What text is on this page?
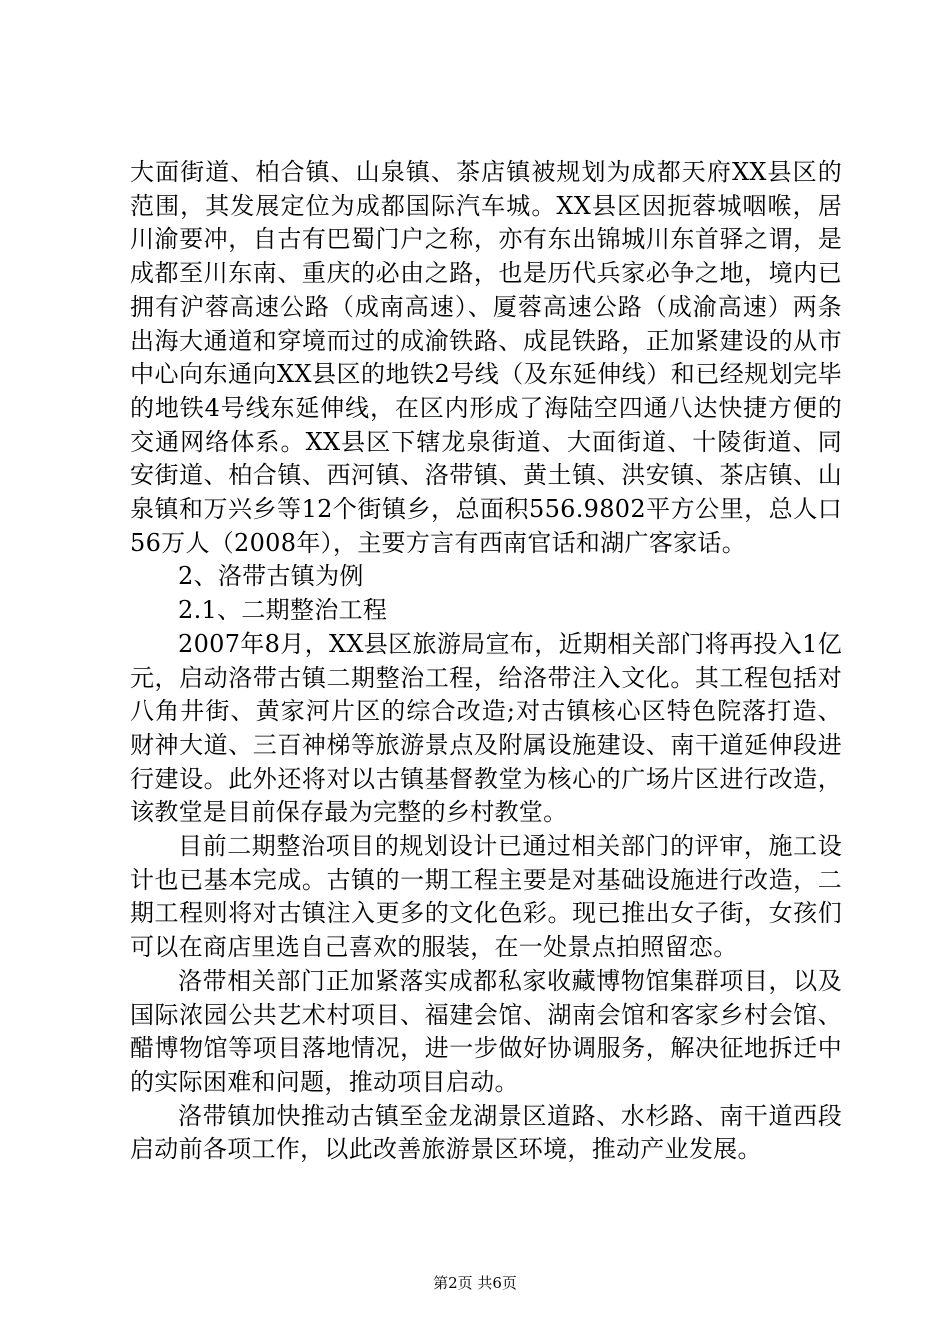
大面街道、柏合镇、山泉镇、茶店镇被规划为成都天府XX县区的范围，其发展定位为成都国际汽车城。XX县区因扼蓉城咽喉，居川渝要冲，自古有巴蜀门户之称，亦有东出锦城川东首驿之谓，是成都至川东南、重庆的必由之路，也是历代兵家必争之地，境内已拥有沪蓉高速公路（成南高速）、厦蓉高速公路（成渝高速）两条出海大通道和穿境而过的成渝铁路、成昆铁路，正加紧建设的从市中心向东通向XX县区的地铁2号线（及东延伸线）和已经规划完毕的地铁4号线东延伸线，在区内形成了海陆空四通八达快捷方便的交通网络体系。XX县区下辖龙泉街道、大面街道、十陵街道、同安街道、柏合镇、西河镇、洛带镇、黄土镇、洪安镇、茶店镇、山泉镇和万兴乡等12个街镇乡，总面积556.9802平方公里，总人口56万人（2008年），主要方言有西南官话和湖广客家话。

2、洛带古镇为例

2.1、二期整治工程

2007年8月，XX县区旅游局宣布，近期相关部门将再投入1亿元，启动洛带古镇二期整治工程，给洛带注入文化。其工程包括对八角井街、黄家河片区的综合改造;对古镇核心区特色院落打造、财神大道、三百神梯等旅游景点及附属设施建设、南干道延伸段进行建设。此外还将对以古镇基督教堂为核心的广场片区进行改造，该教堂是目前保存最为完整的乡村教堂。

目前二期整治项目的规划设计已通过相关部门的评审，施工设计也已基本完成。古镇的一期工程主要是对基础设施进行改造，二期工程则将对古镇注入更多的文化色彩。现已推出女子街，女孩们可以在商店里选自己喜欢的服装，在一处景点拍照留恋。

洛带相关部门正加紧落实成都私家收藏博物馆集群项目，以及国际浓园公共艺术村项目、福建会馆、湖南会馆和客家乡村会馆、醋博物馆等项目落地情况，进一步做好协调服务，解决征地拆迁中的实际困难和问题，推动项目启动。

洛带镇加快推动古镇至金龙湖景区道路、水杉路、南干道西段启动前各项工作，以此改善旅游景区环境，推动产业发展。

第2页 共6页
